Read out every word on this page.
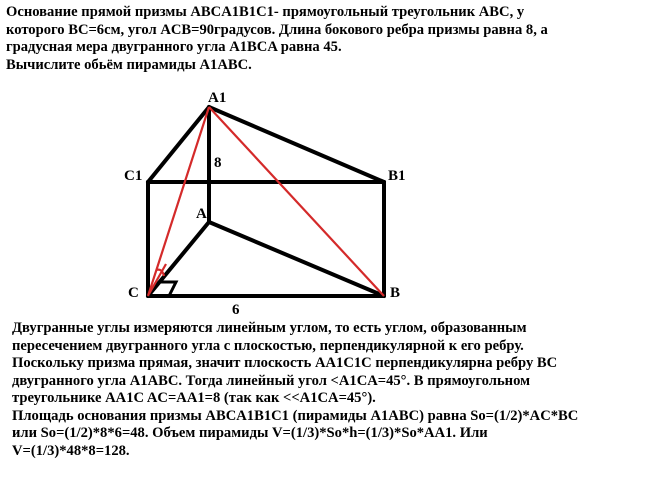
Основание прямой призмы ABCA1B1C1- прямоугольный треугольник ABC, у
которого BC=6см, угол ACB=90градусов. Длина бокового ребра призмы равна 8, а
градусная мера двугранного угла A1BCA равна 45.
Вычислите обьём пирамиды A1ABC.
A1
C1	B1
A
C	B
8
6
Двугранные углы измеряются линейным углом, то есть углом, образованным
пересечением двугранного угла с плоскостью, перпендикулярной к его ребру.
Поскольку призма прямая, значит плоскость AA1C1C перпендикулярна ребру BC
двугранного угла A1ABC. Тогда линейный угол <A1CA=45°. В прямоугольном
треугольнике AA1C AC=AA1=8 (так как <<A1CA=45°).
Площадь основания призмы ABCA1B1C1 (пирамиды A1ABC) равна So=(1/2)*AC*BC
или So=(1/2)*8*6=48. Объем пирамиды V=(1/3)*So*h=(1/3)*So*AA1. Или
V=(1/3)*48*8=128.
